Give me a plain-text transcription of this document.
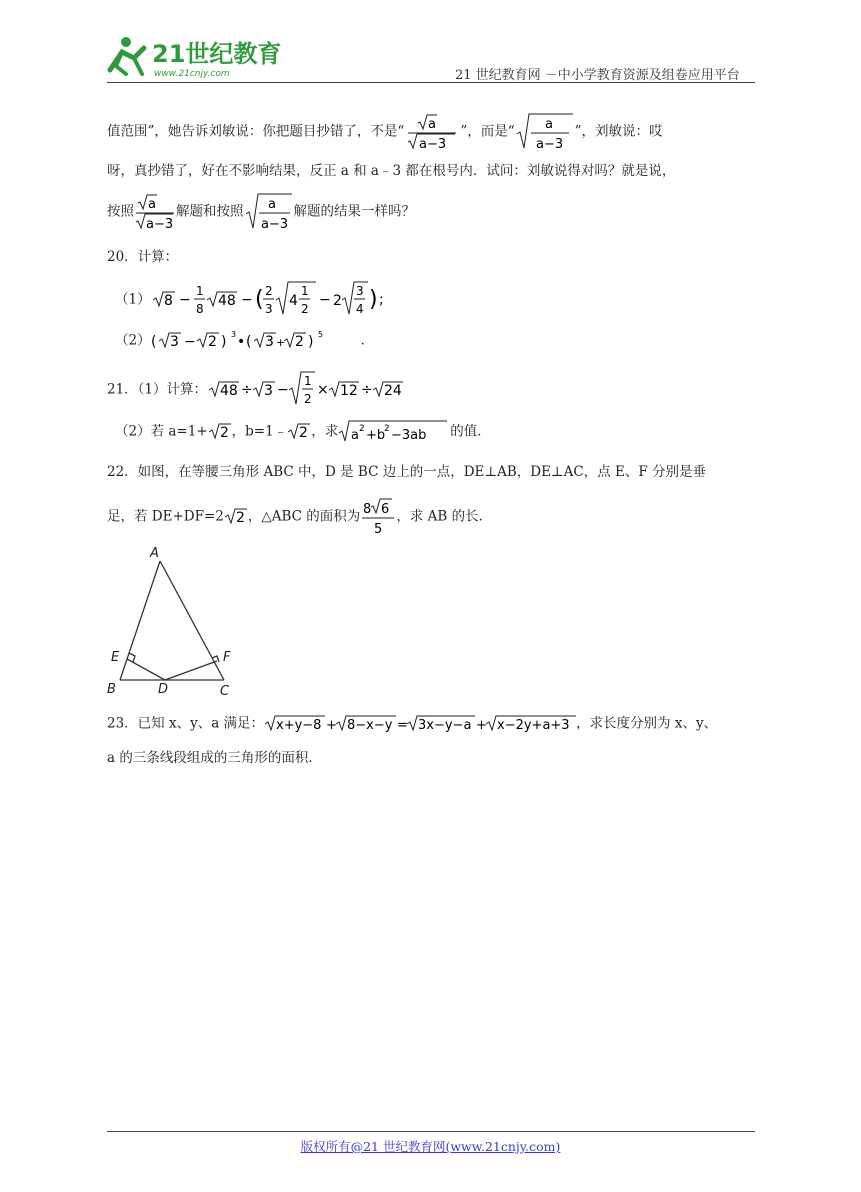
21世纪教育
www.21cnjy.com	21 世纪教育网 －中小学教育资源及组卷应用平台
值范围”，她告诉刘敏说：你把题目抄错了，不是“ a
a−3
”，而是“ a
a−3
”，刘敏说：哎
呀，真抄错了，好在不影响结果，反正 a 和 a﹣3 都在根号内．试问：刘敏说得对吗？就是说，
按照 a
a−3
解题和按照 a
a−3
解题的结果一样吗？
20．计算：
（1） 8 −
1
8 48 − ( 2
3 4
1
2
− 2
3
4 ) ;
（2） ( 3 − 2 ) 3 • ( 3 + 2 ) 5	．
21．（1）计算： 48 ÷ 3 −
1
2
× 12 ÷ 24
（2）若 a=1+ 2 ，b=1﹣ 2 ，求 a 2 +b
2 −3ab 的值．
22．如图，在等腰三角形 ABC 中，D 是 BC 边上的一点，DE⊥AB，DE⊥AC，点 E、F 分别是垂
足，若 DE+DF=2 2 ，△ABC 的面积为 8 6
5
，求 AB 的长．
A
B	C
D
E	F
23．已知 x、y、a 满足： x+y−8 + 8−x−y = 3x−y−a + x−2y+a+3 ，求长度分别为 x、y、
a 的三条线段组成的三角形的面积．
版权所有@21 世纪教育网(www.21cnjy.com)
